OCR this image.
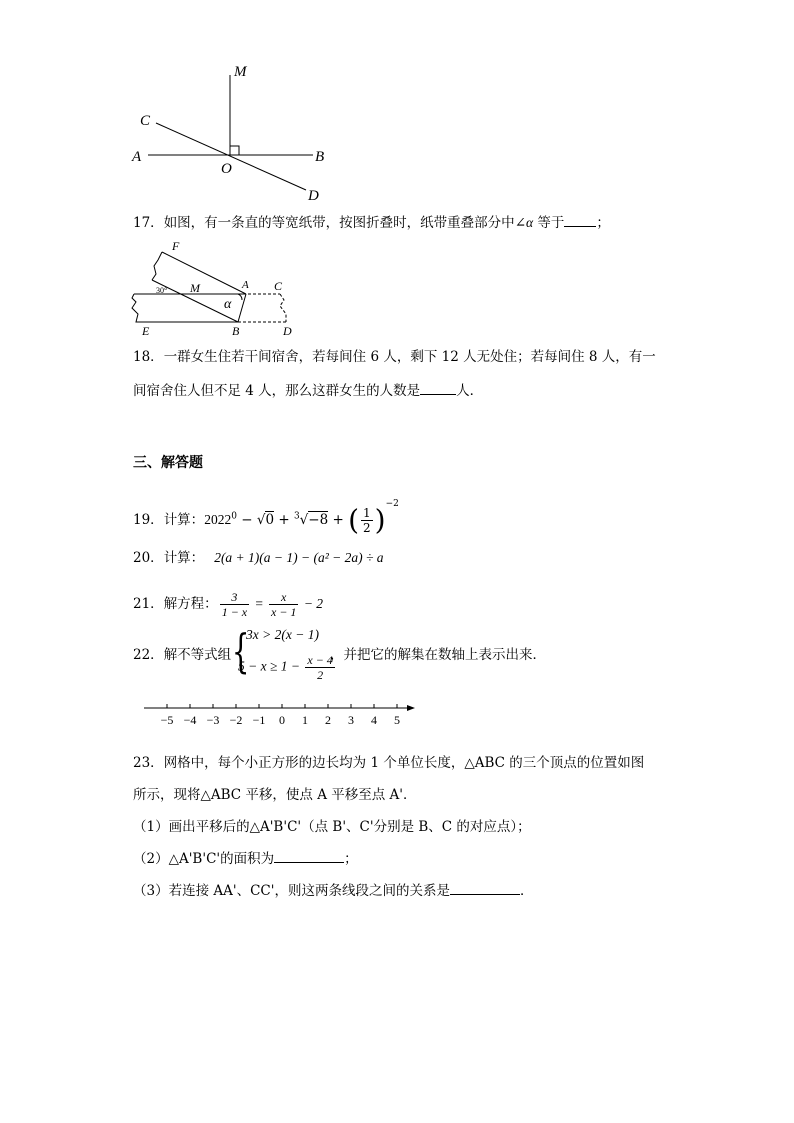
M
C
A	B
O
D
17．如图，有一条直的等宽纸带，按图折叠时，纸带重叠部分中∠α 等于 ；
F
M	A C
α
30°
E	B	D
18．一群女生住若干间宿舍，若每间住 6 人，剩下 12 人无处住；若每间住 8 人，有一
间宿舍住人但不足 4 人，那么这群女生的人数是	人．
三、解答题
19．计算：$2022^0 - √0 + ^3√-8$ + ( $\frac{1}{2} )^{-2}$
20．计算： 2(a + 1)(a − 1) − (a² − 2a) ÷ a
21．解方程： $\frac{3}{1 - x} = \frac{x}{x - 1} - 2$
22．解不等式组 {
3x > 2(x − 1)
$5 - x \ge 1 - \frac{x - 4}{2}$
，并把它的解集在数轴上表示出来．
−5 −4 −3 −2 −1 0 1 2 3 4 5
23．网格中，每个小正方形的边长均为 1 个单位长度，△ABC 的三个顶点的位置如图
所示，现将△ABC 平移，使点 A 平移至点 A'．
（1）画出平移后的△A'B'C'（点 B'、C'分别是 B、C 的对应点）；
（2）△A'B'C'的面积为	；
（3）若连接 AA'、CC'，则这两条线段之间的关系是	．
